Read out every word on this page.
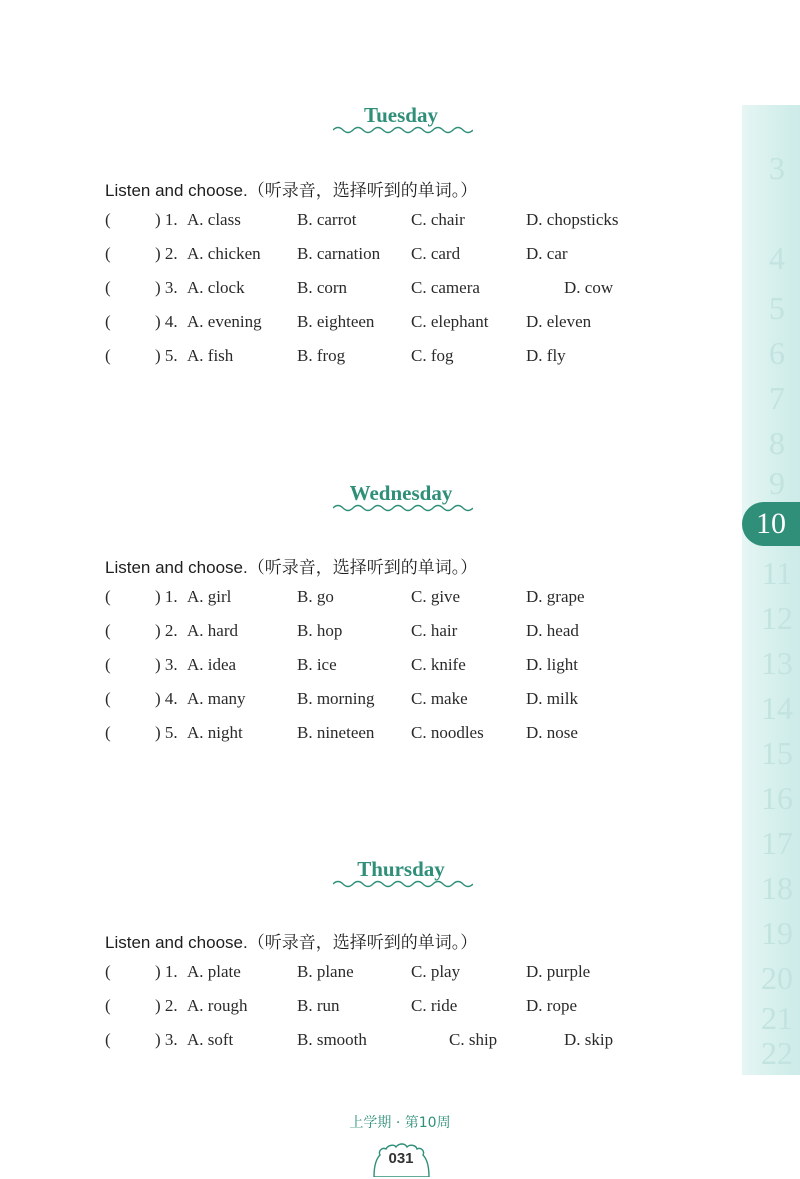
3
4
5
6
7
8
9
10
11
12
13
14
15
16
17
18
19
20
21
22
Tuesday
Listen and choose.（听录音，选择听到的单词。）
(	) 1. A. class	B. carrot	C. chair	D. chopsticks
(	) 2. A. chicken B. carnation C. card	D. car
(	) 3. A. clock	B. corn	C. camera	D. cow
(	) 4. A. evening B. eighteen C. elephant D. eleven
(	) 5. A. fish	B. frog	C. fog	D. fly
Wednesday
Listen and choose.（听录音，选择听到的单词。）
(	) 1. A. girl	B. go	C. give	D. grape
(	) 2. A. hard	B. hop	C. hair	D. head
(	) 3. A. idea	B. ice	C. knife	D. light
(	) 4. A. many	B. morning C. make	D. milk
(	) 5. A. night	B. nineteen C. noodles D. nose
Thursday
Listen and choose.（听录音，选择听到的单词。）
(	) 1. A. plate	B. plane	C. play	D. purple
(	) 2. A. rough	B. run	C. ride	D. rope
(	) 3. A. soft	B. smooth	C. ship	D. skip
上学期 · 第10周
031
